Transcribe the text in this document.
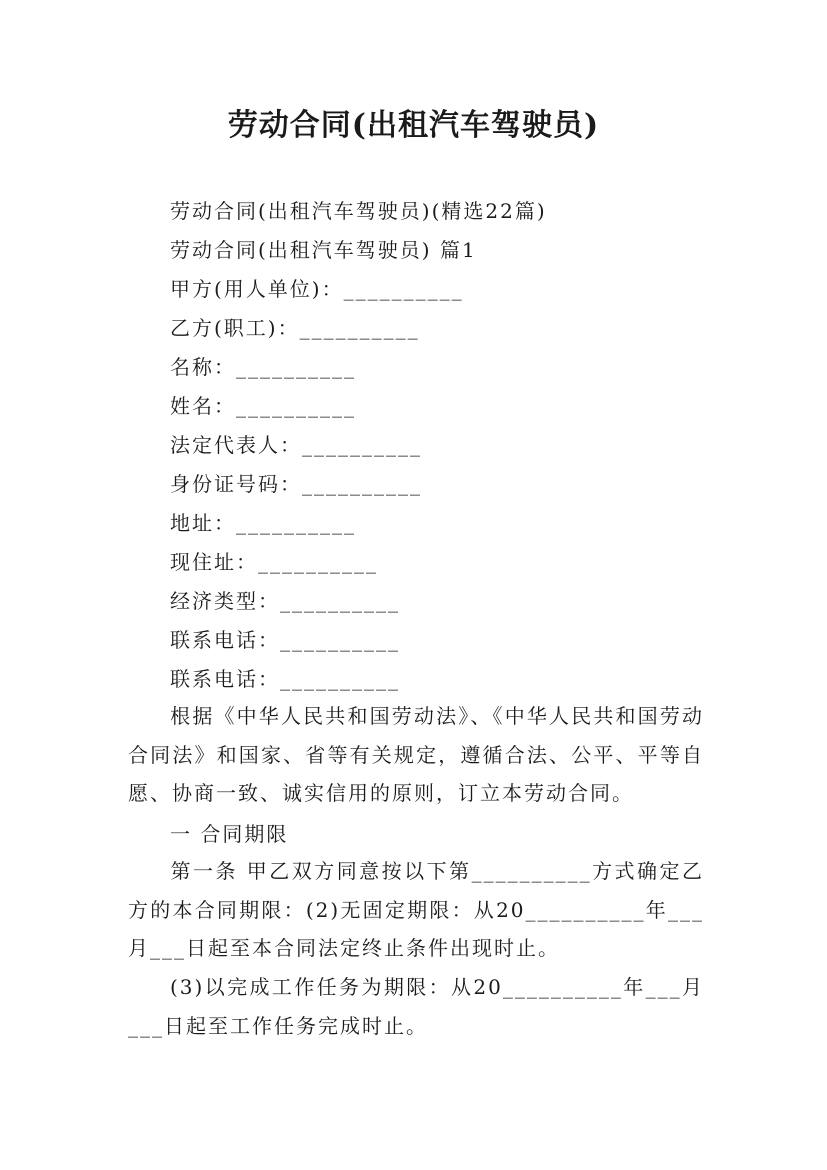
劳动合同(出租汽车驾驶员)
劳动合同(出租汽车驾驶员)(精选22篇)
劳动合同(出租汽车驾驶员) 篇1
甲方(用人单位)：__________
乙方(职工)：__________
名称：__________
姓名：__________
法定代表人：__________
身份证号码：__________
地址：__________
现住址：__________
经济类型：__________
联系电话：__________
联系电话：__________
根据《中华人民共和国劳动法》、《中华人民共和国劳动合同法》和国家、省等有关规定，遵循合法、公平、平等自愿、协商一致、诚实信用的原则，订立本劳动合同。
一 合同期限
第一条 甲乙双方同意按以下第__________方式确定乙方的本合同期限：(2)无固定期限：从20__________年___月___日起至本合同法定终止条件出现时止。
(3)以完成工作任务为期限：从20__________年___月___日起至工作任务完成时止。
